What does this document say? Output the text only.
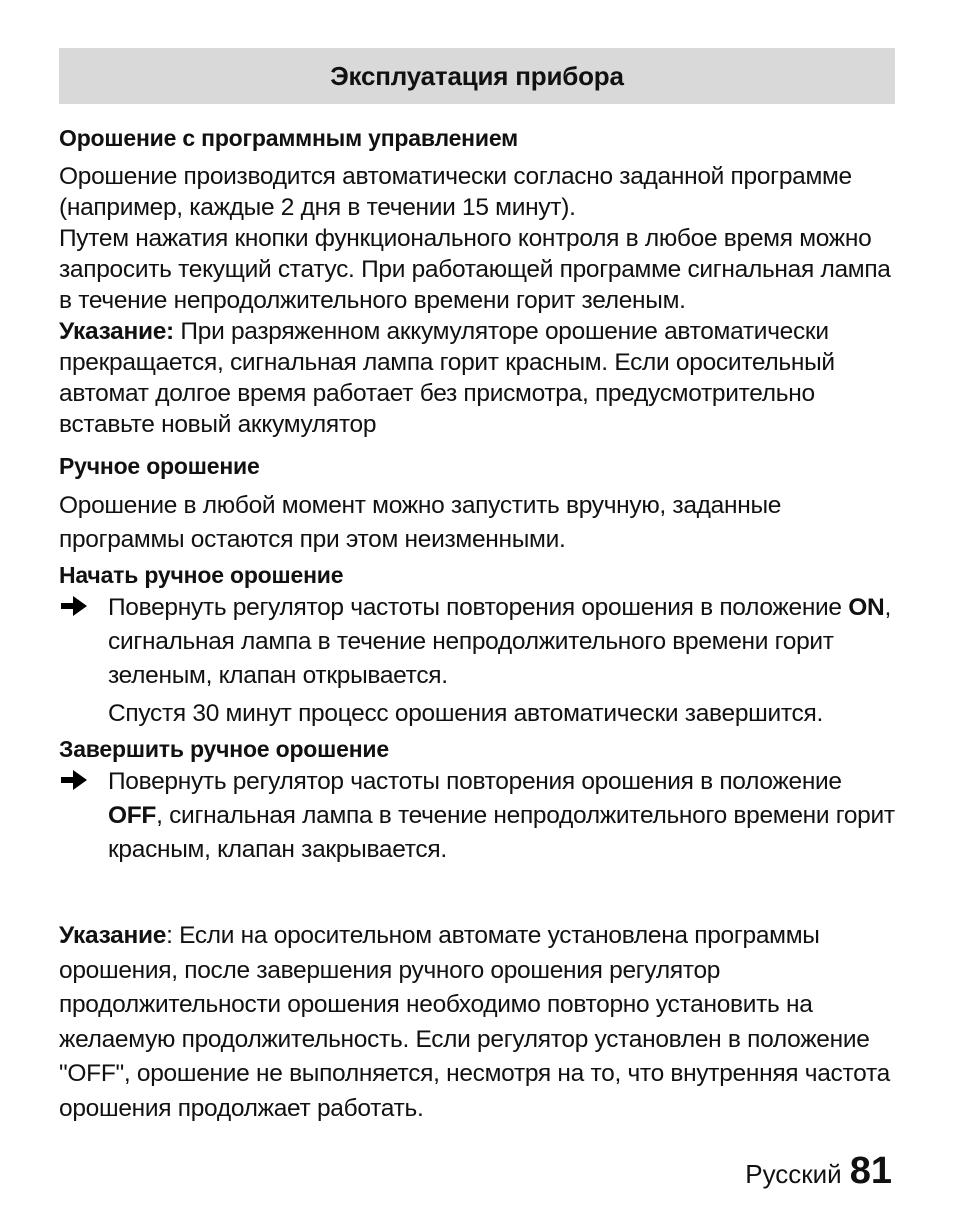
Эксплуатация прибора
Орошение с программным управлением

Орошение производится автоматически согласно заданной программе (например, каждые 2 дня в течении 15 минут).

Путем нажатия кнопки функционального контроля в любое время можно запросить текущий статус. При работающей программе сигнальная лампа в течение непродолжительного времени горит зеленым.

Указание: При разряженном аккумуляторе орошение автоматически прекращается, сигнальная лампа горит красным. Если оросительный автомат долгое время работает без присмотра, предусмотрительно вставьте новый аккумулятор

Ручное орошение

Орошение в любой момент можно запустить вручную, заданные программы остаются при этом неизменными.

Начать ручное орошение

Повернуть регулятор частоты повторения орошения в положение ON, сигнальная лампа в течение непродолжительного времени горит зеленым, клапан открывается.

Спустя 30 минут процесс орошения автоматически завершится.

Завершить ручное орошение

Повернуть регулятор частоты повторения орошения в положение OFF, сигнальная лампа в течение непродолжительного времени горит красным, клапан закрывается.

Указание: Если на оросительном автомате установлена программы орошения, после завершения ручного орошения регулятор продолжительности орошения необходимо повторно установить на желаемую продолжительность. Если регулятор установлен в положение "OFF", орошение не выполняется, несмотря на то, что внутренняя частота орошения продолжает работать.

Русский 81
